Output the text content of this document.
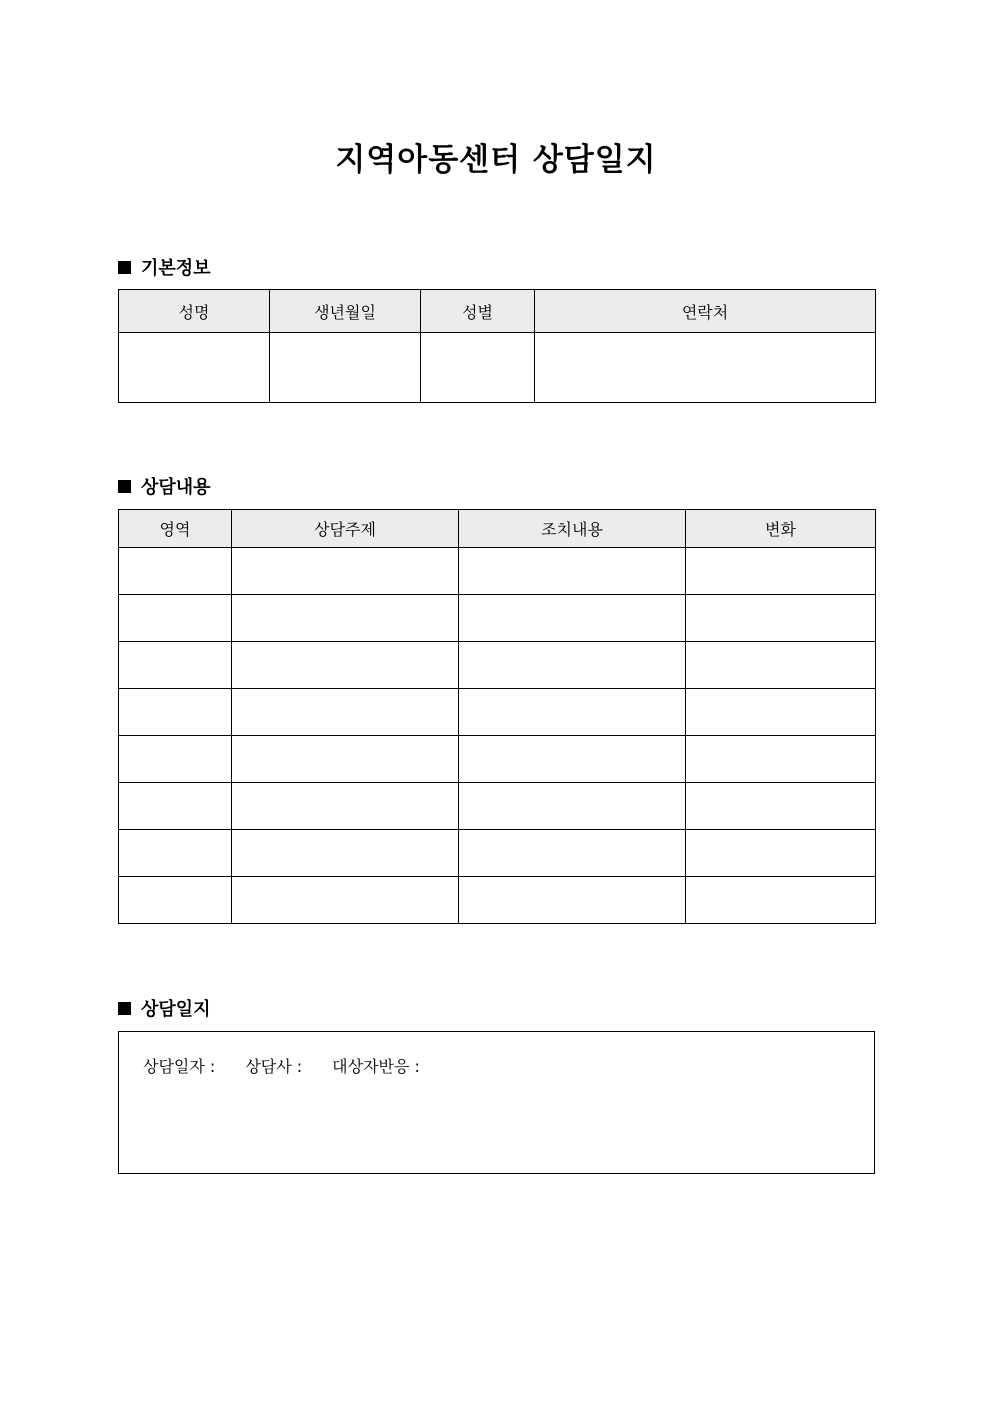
지역아동센터 상담일지
기본정보
성명	생년월일	성별	연락처

상담내용
영역	상담주제	조치내용	변화

상담일지
상담일자 : 상담사 : 대상자반응 :
